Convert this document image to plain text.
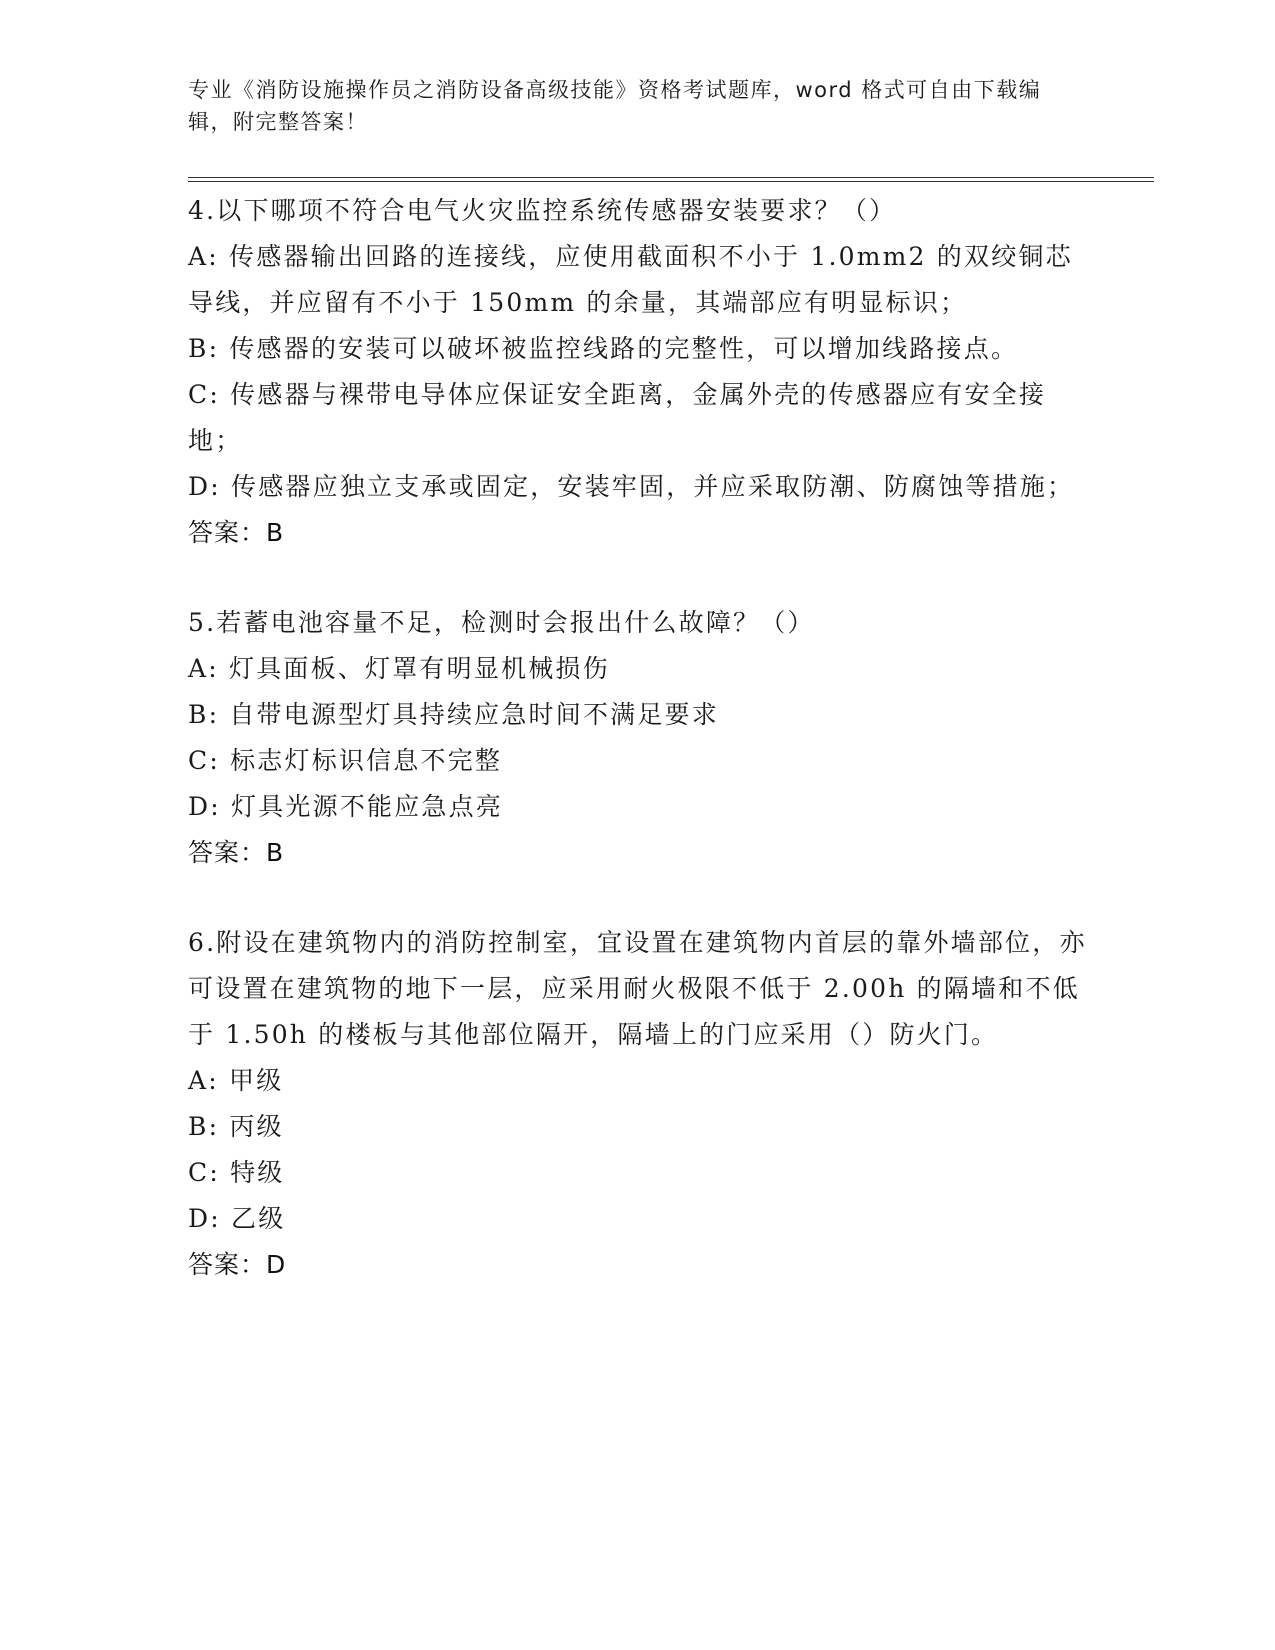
专业《消防设施操作员之消防设备高级技能》资格考试题库，word 格式可自由下载编辑，附完整答案！

4.以下哪项不符合电气火灾监控系统传感器安装要求？（）

A: 传感器输出回路的连接线，应使用截面积不小于 1.0mm2 的双绞铜芯导线，并应留有不小于 150mm 的余量，其端部应有明显标识；

B: 传感器的安装可以破坏被监控线路的完整性，可以增加线路接点。

C: 传感器与裸带电导体应保证安全距离，金属外壳的传感器应有安全接地；

D: 传感器应独立支承或固定，安装牢固，并应采取防潮、防腐蚀等措施；

答案：B

5.若蓄电池容量不足，检测时会报出什么故障？（）

A: 灯具面板、灯罩有明显机械损伤

B: 自带电源型灯具持续应急时间不满足要求

C: 标志灯标识信息不完整

D: 灯具光源不能应急点亮

答案：B

6.附设在建筑物内的消防控制室，宜设置在建筑物内首层的靠外墙部位，亦可设置在建筑物的地下一层，应采用耐火极限不低于 2.00h 的隔墙和不低于 1.50h 的楼板与其他部位隔开，隔墙上的门应采用（）防火门。

A: 甲级

B: 丙级

C: 特级

D: 乙级

答案：D
